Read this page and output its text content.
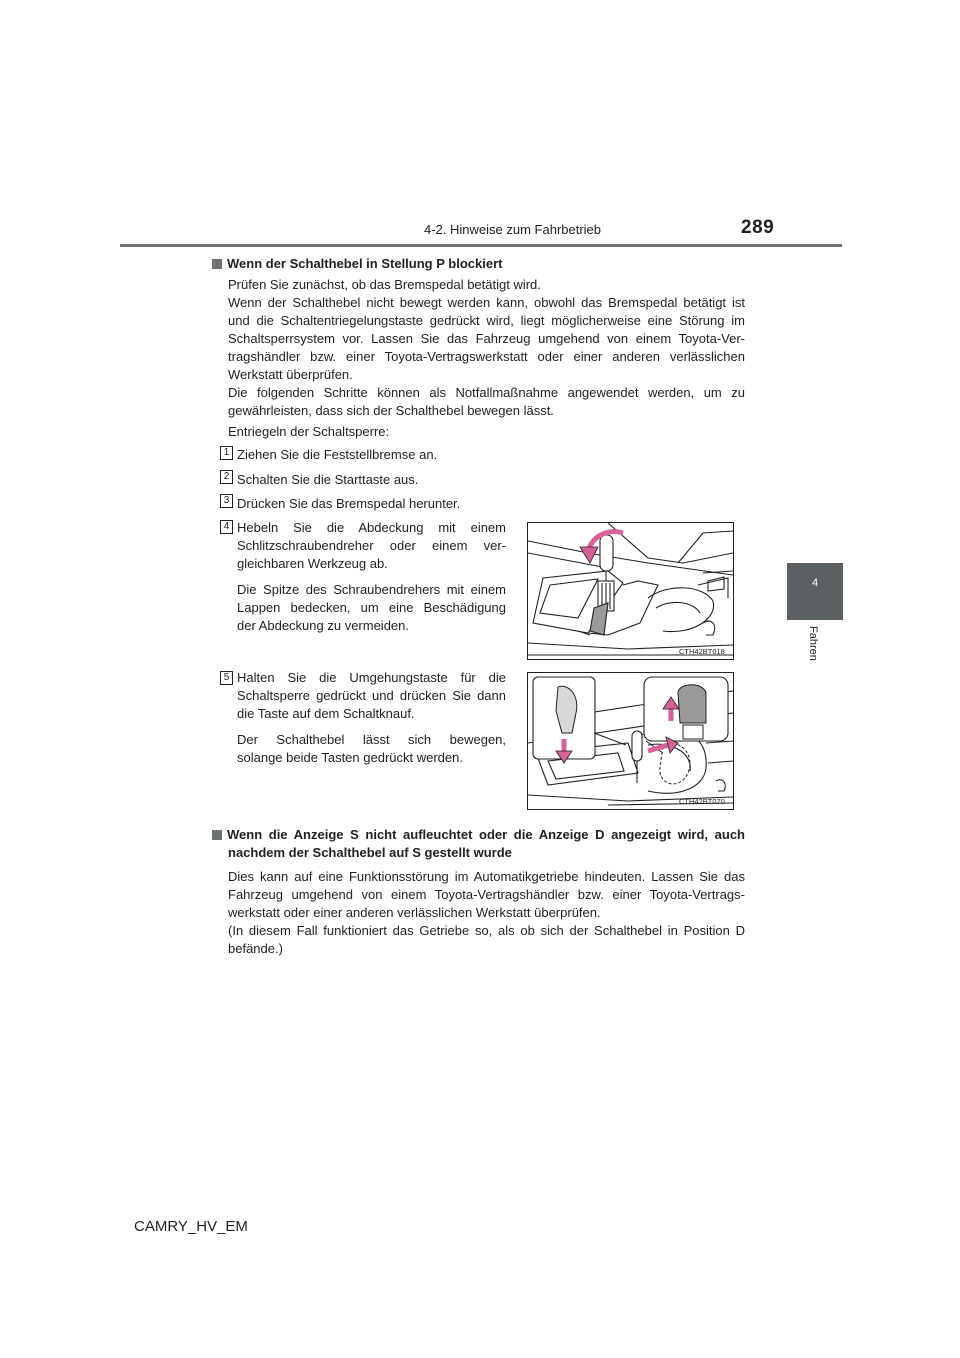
4-2. Hinweise zum Fahrbetrieb	289
4
Fahren
Wenn der Schalthebel in Stellung P blockiert
Prüfen Sie zunächst, ob das Bremspedal betätigt wird.
Wenn der Schalthebel nicht bewegt werden kann, obwohl das Bremspedal betätigt ist
und die Schaltentriegelungstaste gedrückt wird, liegt möglicherweise eine Störung im
Schaltsperrsystem vor. Lassen Sie das Fahrzeug umgehend von einem Toyota-Ver-
tragshändler bzw. einer Toyota-Vertragswerkstatt oder einer anderen verlässlichen
Werkstatt überprüfen.
Die folgenden Schritte können als Notfallmaßnahme angewendet werden, um zu
gewährleisten, dass sich der Schalthebel bewegen lässt.
Entriegeln der Schaltsperre:
1 Ziehen Sie die Feststellbremse an.
2 Schalten Sie die Starttaste aus.
3 Drücken Sie das Bremspedal herunter.
4 Hebeln Sie die Abdeckung mit einem
Schlitzschraubendreher oder einem ver-
gleichbaren Werkzeug ab.
Die Spitze des Schraubendrehers mit einem
Lappen bedecken, um eine Beschädigung
der Abdeckung zu vermeiden.
CTH42BT018
5 Halten Sie die Umgehungstaste für die
Schaltsperre gedrückt und drücken Sie dann
die Taste auf dem Schaltknauf.
Der Schalthebel lässt sich bewegen,
solange beide Tasten gedrückt werden.
CTH42BT070
Wenn die Anzeige S nicht aufleuchtet oder die Anzeige D angezeigt wird, auch
nachdem der Schalthebel auf S gestellt wurde
Dies kann auf eine Funktionsstörung im Automatikgetriebe hindeuten. Lassen Sie das
Fahrzeug umgehend von einem Toyota-Vertragshändler bzw. einer Toyota-Vertrags-
werkstatt oder einer anderen verlässlichen Werkstatt überprüfen.
(In diesem Fall funktioniert das Getriebe so, als ob sich der Schalthebel in Position D
befände.)
CAMRY_HV_EM
